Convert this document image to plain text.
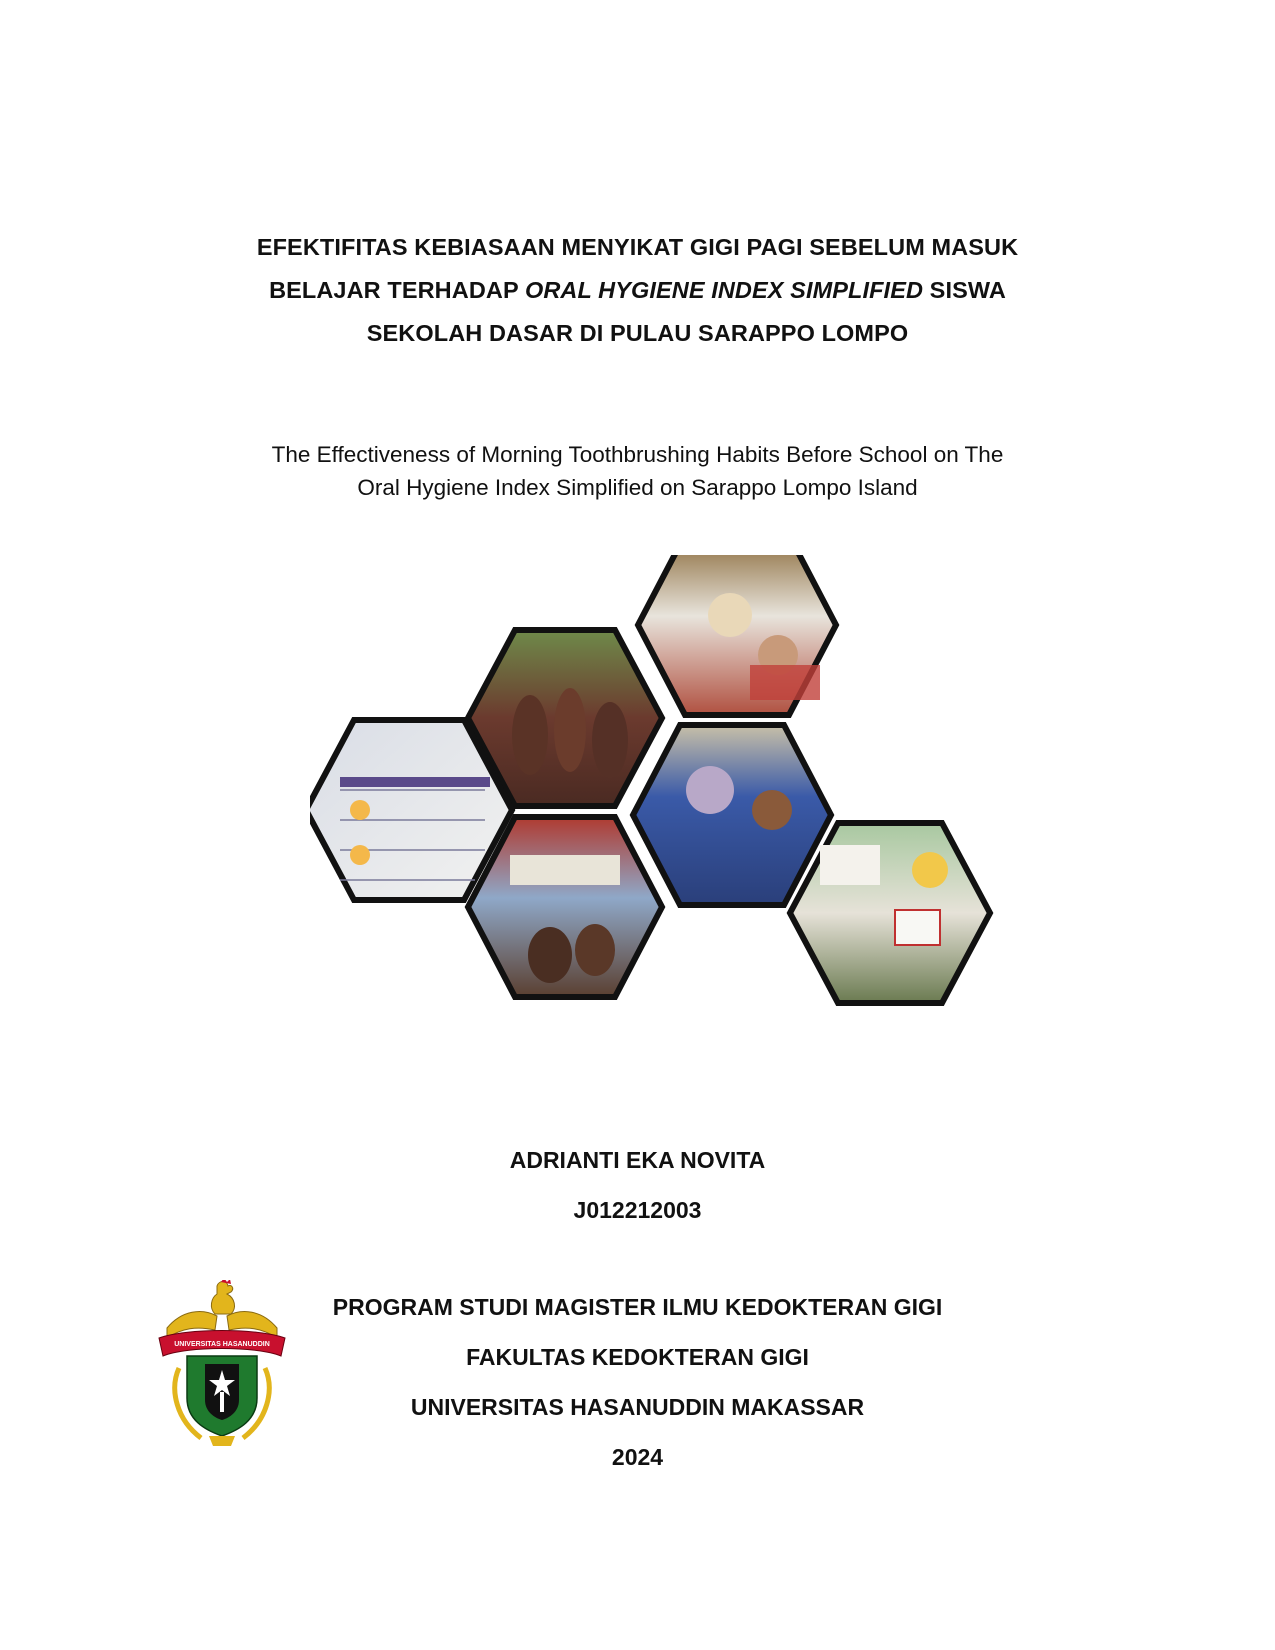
EFEKTIFITAS KEBIASAAN MENYIKAT GIGI PAGI SEBELUM MASUK
BELAJAR TERHADAP ORAL HYGIENE INDEX SIMPLIFIED SISWA
SEKOLAH DASAR DI PULAU SARAPPO LOMPO
The Effectiveness of Morning Toothbrushing Habits Before School on The
Oral Hygiene Index Simplified on Sarappo Lompo Island
ADRIANTI EKA NOVITA
J012212003
UNIVERSITAS HASANUDDIN
PROGRAM STUDI MAGISTER ILMU KEDOKTERAN GIGI
FAKULTAS KEDOKTERAN GIGI
UNIVERSITAS HASANUDDIN MAKASSAR
2024
